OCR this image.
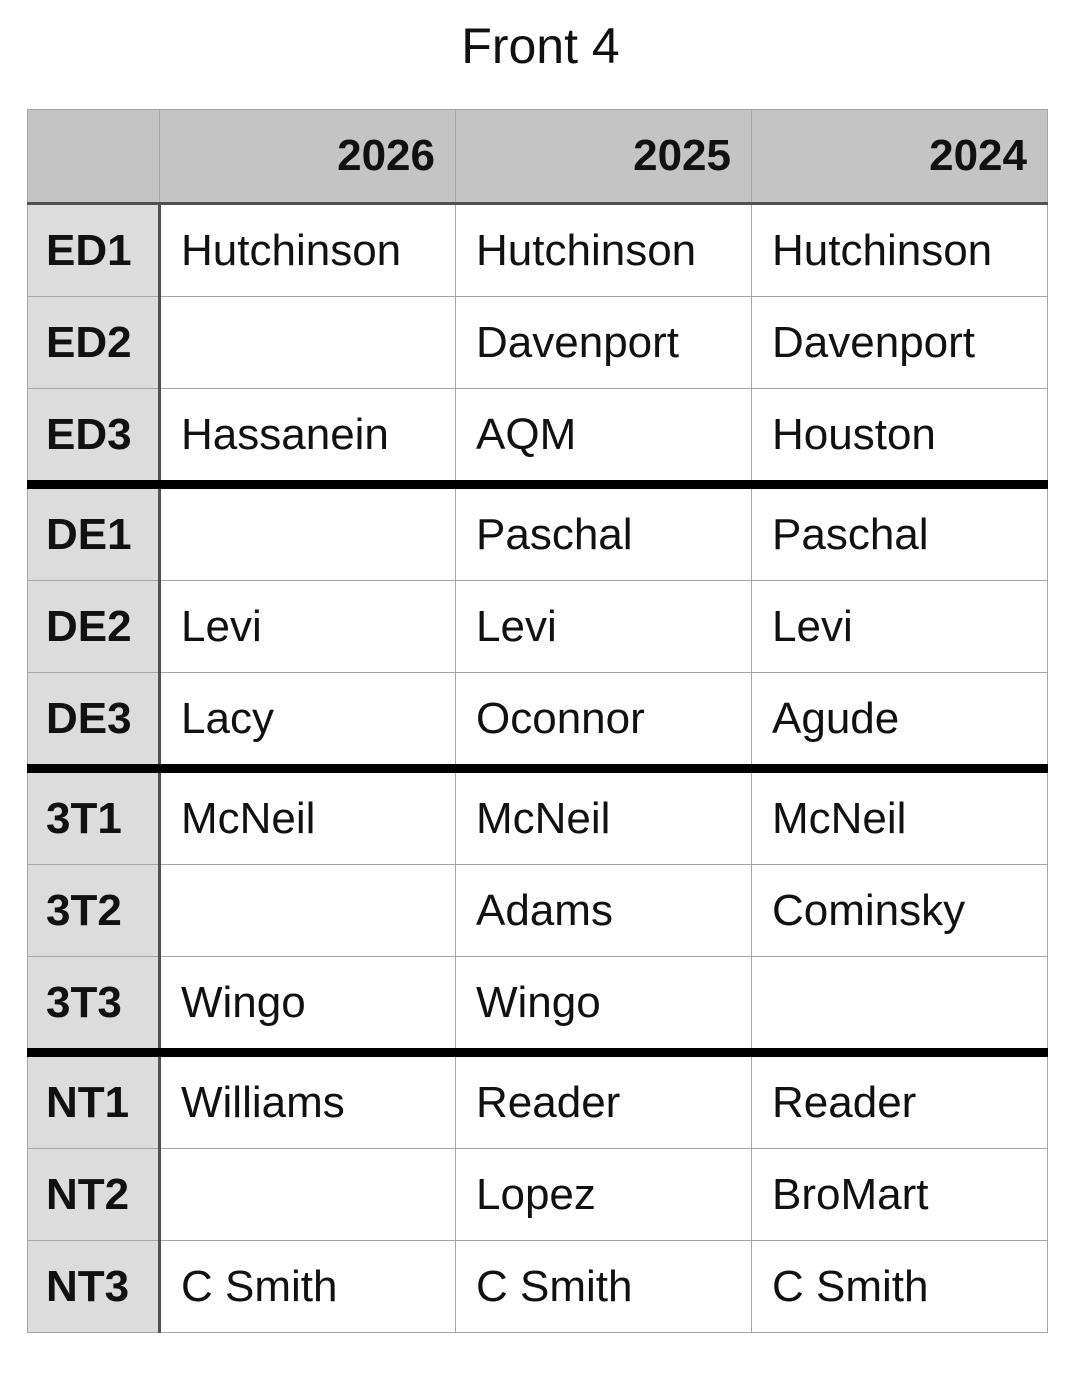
Front 4
	2026	2025	2024
ED1	Hutchinson	Hutchinson	Hutchinson
ED2		Davenport	Davenport
ED3	Hassanein	AQM	Houston
DE1		Paschal	Paschal
DE2	Levi	Levi	Levi
DE3	Lacy	Oconnor	Agude
3T1	McNeil	McNeil	McNeil
3T2		Adams	Cominsky
3T3	Wingo	Wingo	
NT1	Williams	Reader	Reader
NT2		Lopez	BroMart
NT3	C Smith	C Smith	C Smith
